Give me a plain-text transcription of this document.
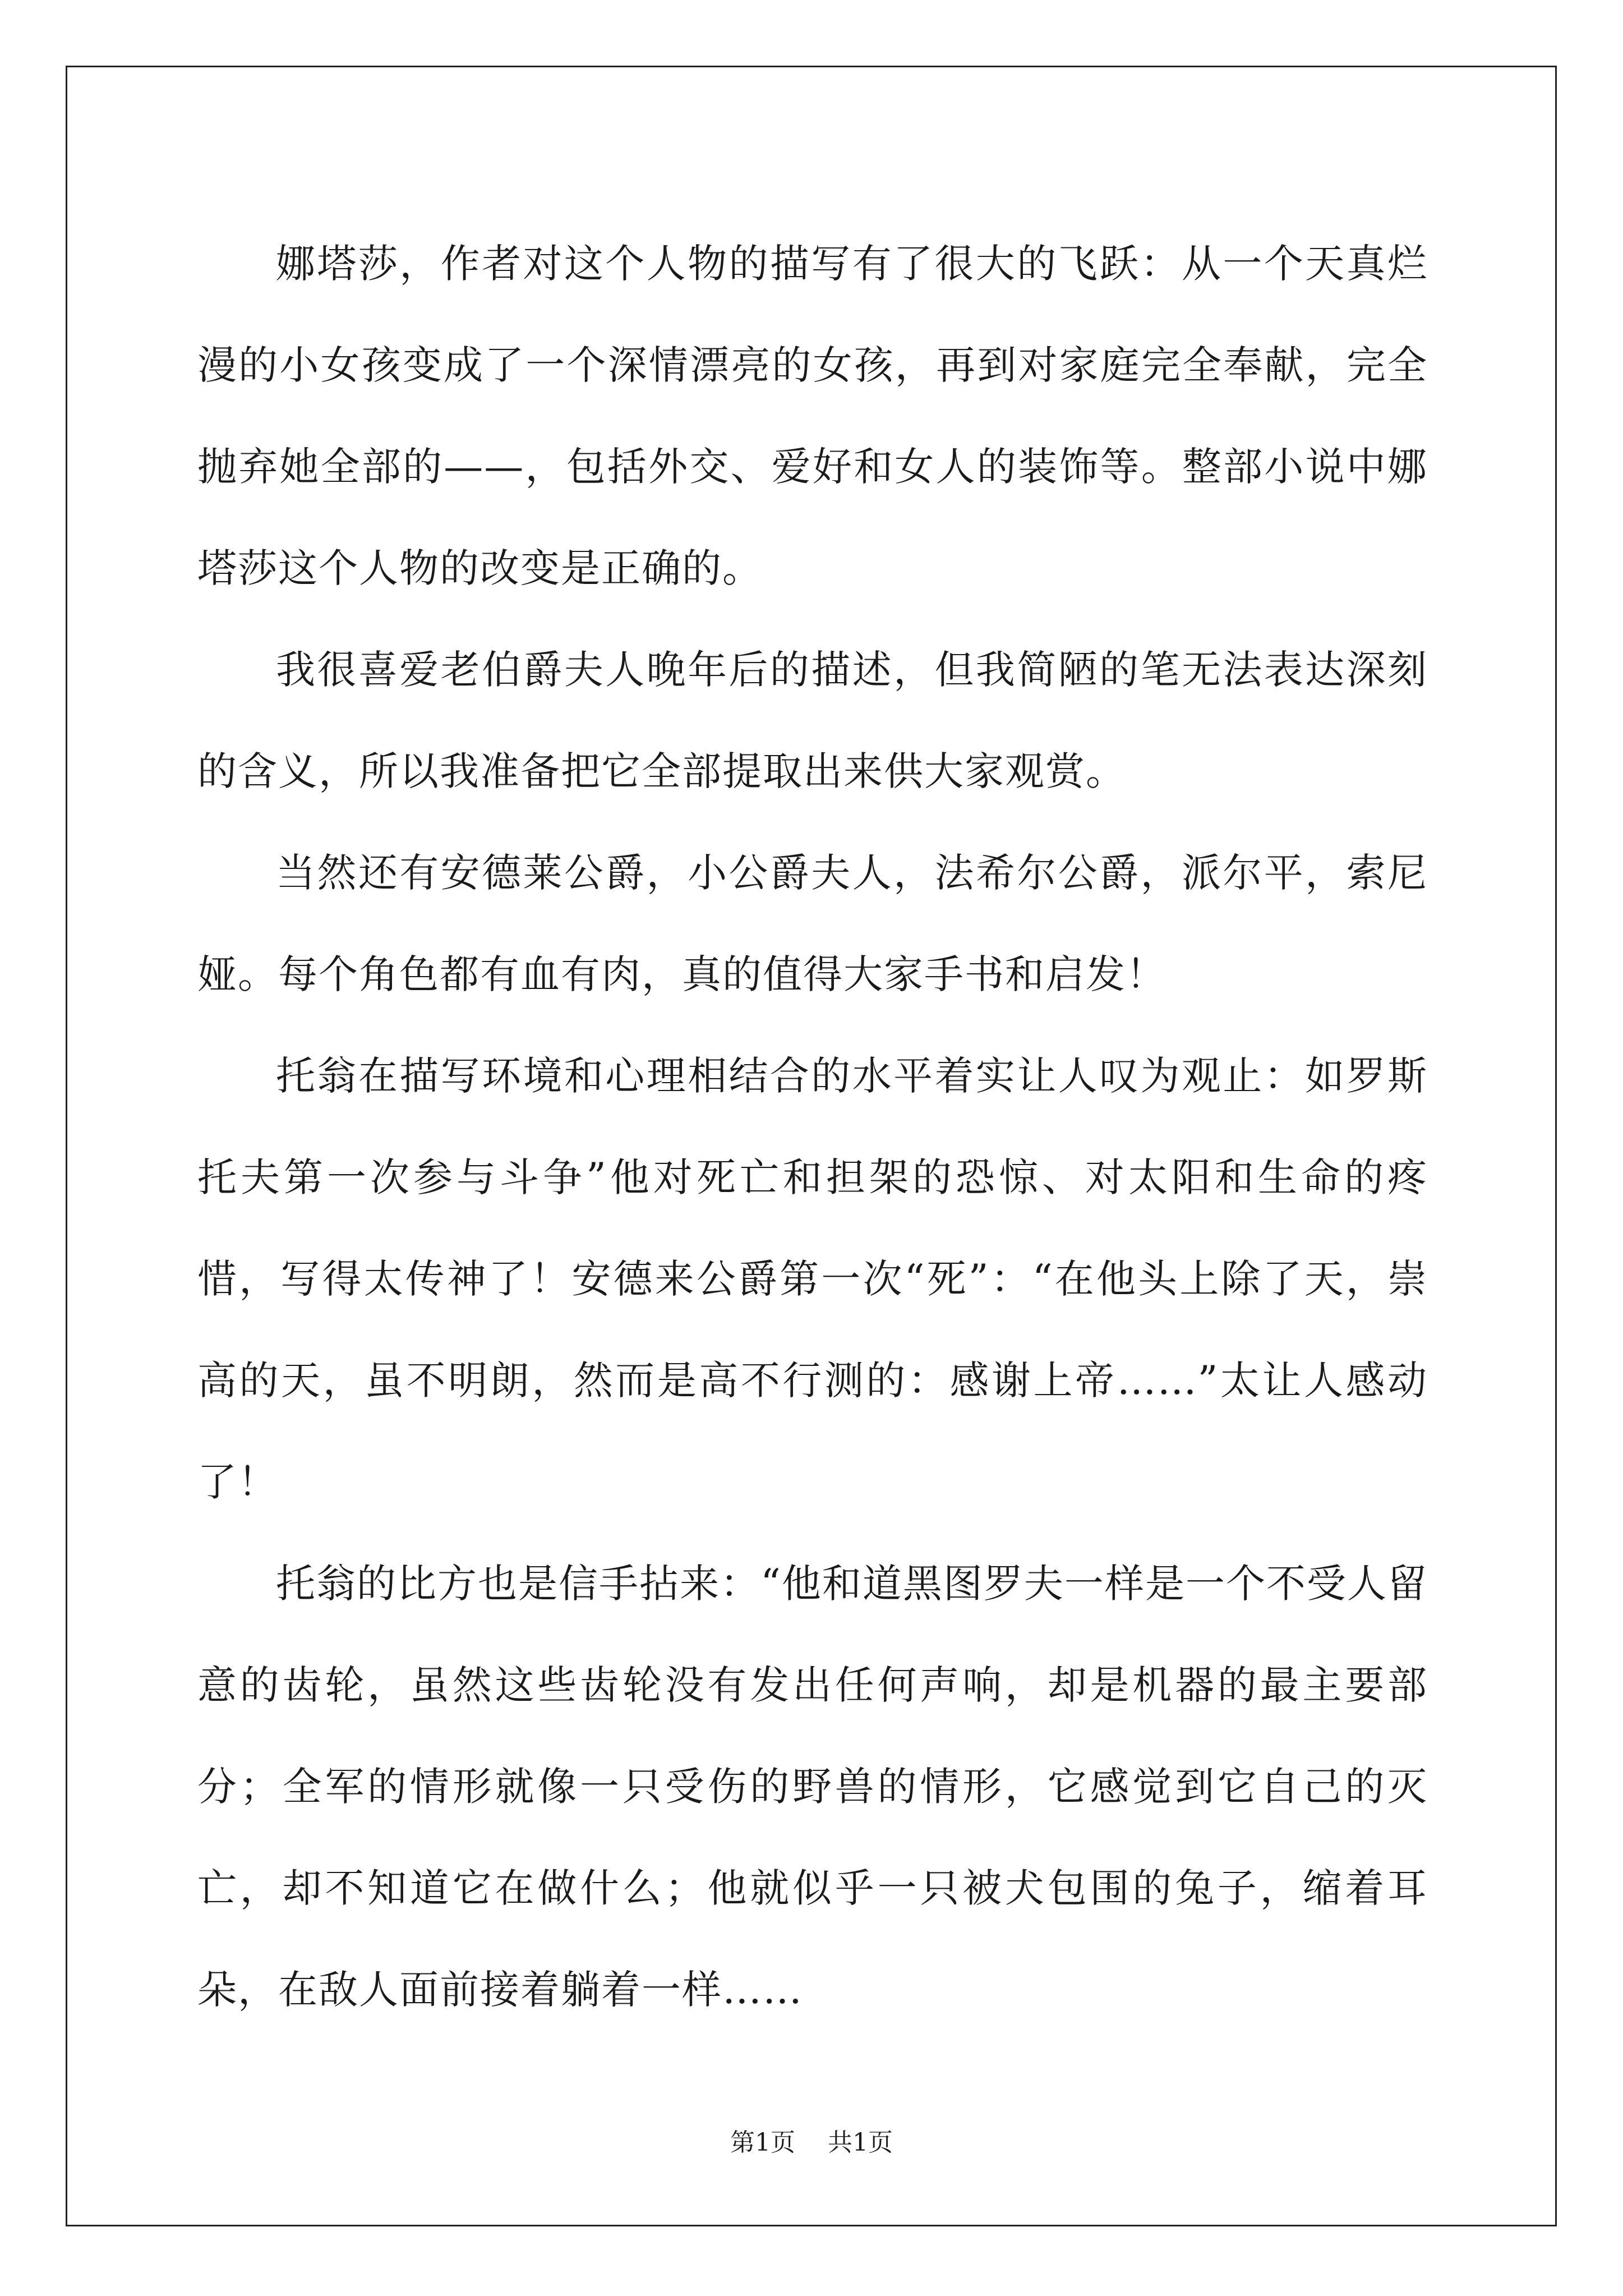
娜塔莎，作者对这个人物的描写有了很大的飞跃：从一个天真烂漫的小女孩变成了一个深情漂亮的女孩，再到对家庭完全奉献，完全抛弃她全部的——，包括外交、爱好和女人的装饰等。整部小说中娜塔莎这个人物的改变是正确的。

我很喜爱老伯爵夫人晚年后的描述，但我简陋的笔无法表达深刻的含义，所以我准备把它全部提取出来供大家观赏。

当然还有安德莱公爵，小公爵夫人，法希尔公爵，派尔平，索尼娅。每个角色都有血有肉，真的值得大家手书和启发！

托翁在描写环境和心理相结合的水平着实让人叹为观止：如罗斯托夫第一次参与斗争”他对死亡和担架的恐惊、对太阳和生命的疼惜，写得太传神了！安德来公爵第一次“死”：“在他头上除了天，崇高的天，虽不明朗，然而是高不行测的：感谢上帝……”太让人感动了！

托翁的比方也是信手拈来：“他和道黑图罗夫一样是一个不受人留意的齿轮，虽然这些齿轮没有发出任何声响，却是机器的最主要部分；全军的情形就像一只受伤的野兽的情形，它感觉到它自己的灭亡，却不知道它在做什么；他就似乎一只被犬包围的兔子，缩着耳朵，在敌人面前接着躺着一样……

第1页 共1页
